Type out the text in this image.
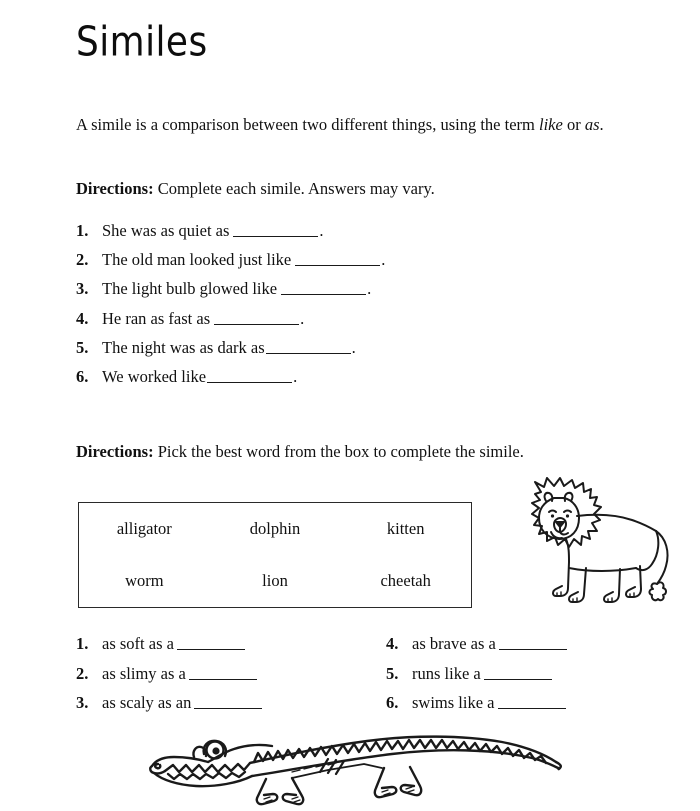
Similes
A simile is a comparison between two different things, using the term like or as.
Directions: Complete each simile. Answers may vary.
1. She was as quiet as	.
2. The old man looked just like	.
3. The light bulb glowed like	.
4. He ran as fast as	.
5. The night was as dark as	.
6. We worked like	.
Directions: Pick the best word from the box to complete the simile.
alligator	dolphin	kitten
worm	lion	cheetah
1. as soft as a
2. as slimy as a
3. as scaly as an
4. as brave as a
5. runs like a
6. swims like a
